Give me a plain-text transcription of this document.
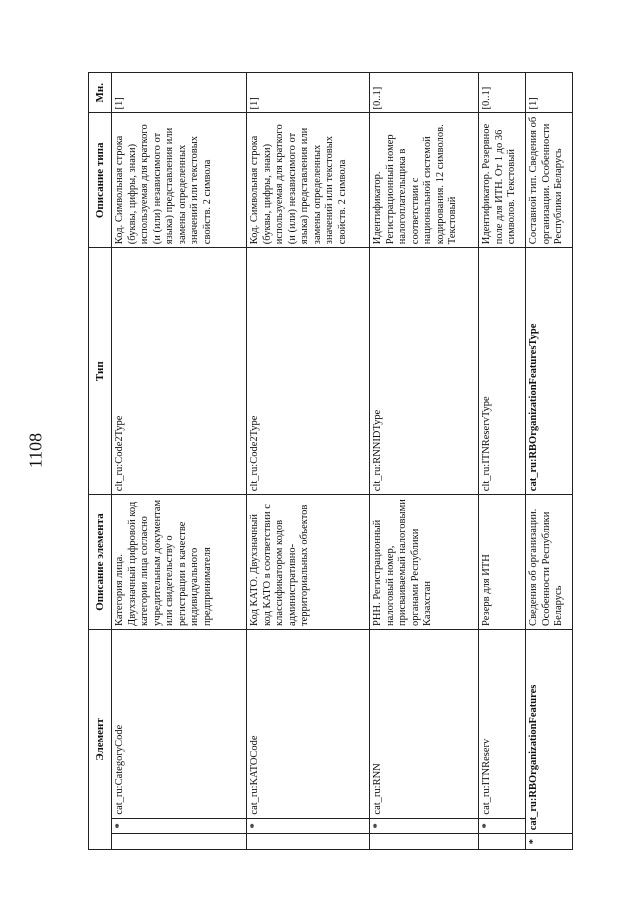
1108
Элемент			Описание элемента	Тип	Описание типа	Мн.
	*	cat_ru:CategoryCode	Категория лица. Двухзначный цифровой код категории лица согласно учредительным документам или свидетельству о регистрации в качестве индивидуального предпринимателя	clt_ru:Code2Type	Код. Символьная строка (буквы, цифры, знаки) используемая для краткого (и (или) независимого от языка) представления или замены определенных значений или текстовых свойств. 2 символа	[1]
	*	cat_ru:KATOCode	Код КАТО. Двухзначный код КАТО в соответствии с классификатором кодов административно-территориальных объектов	clt_ru:Code2Type	Код. Символьная строка (буквы, цифры, знаки) используемая для краткого (и (или) независимого от языка) представления или замены определенных значений или текстовых свойств. 2 символа	[1]
	*	cat_ru:RNN	РНН. Регистрационный налоговый номер, присваиваемый налоговыми органами Республики Казахстан	clt_ru:RNNIDType	Идентификатор. Регистрационный номер налогоплательщика в соответствии с национальной системой кодирования. 12 символов. Текстовый	[0..1]
	*	cat_ru:ITNReserv	Резерв для ИТН	clt_ru:ITNReservType	Идентификатор. Резервное поле для ИТН. От 1 до 36 символов. Текстовый	[0..1]
*	cat_ru:RBOrganizationFeatures		Сведения об организации. Особенности Республики Беларусь	cat_ru:RBOrganizationFeaturesType	Составной тип. Сведения об организации. Особенности Республики Беларусь	[1]
